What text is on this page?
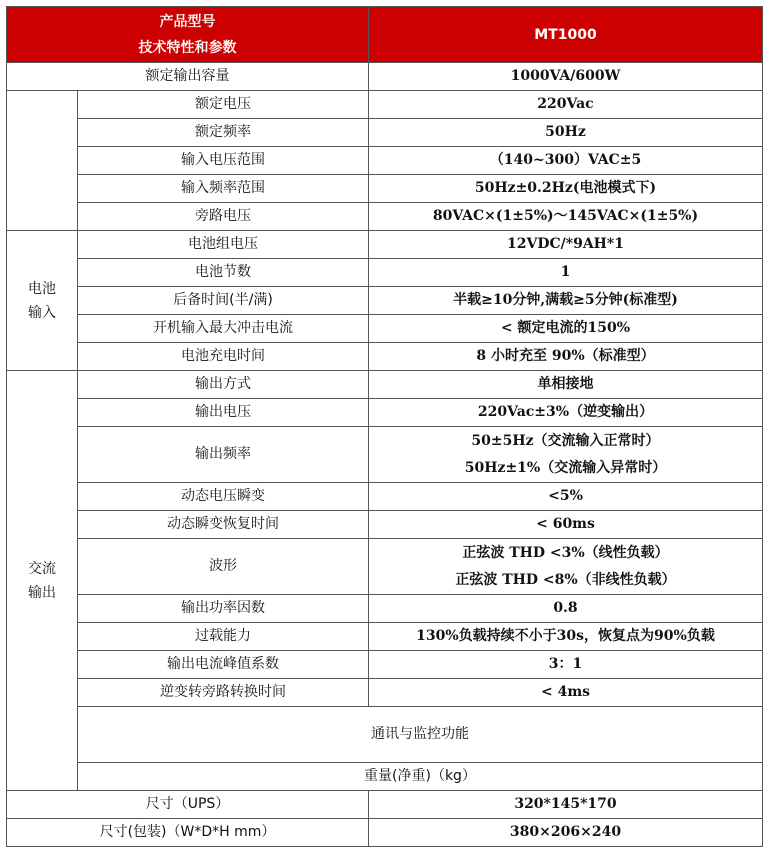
产品型号
技术特性和参数		MT1000	
额定输出容量		1000VA/600W	
	额定电压	220Vac	
	额定频率	50Hz	
	输入电压范围	（140~300）VAC±5	
	输入频率范围	50Hz±0.2Hz(电池模式下)	
	旁路电压	80VAC×(1±5%)～145VAC×(1±5%)	

电池
输入	电池组电压	12VDC/*9AH*1	
	电池节数	1	
	后备时间(半/满)	半载≥10分钟,满载≥5分钟(标准型)	
	开机输入最大冲击电流	< 额定电流的150%	
	电池充电时间	8 小时充至 90%（标准型）	

交流
输出	输出方式	单相接地	
	输出电压	220Vac±3%（逆变输出）	
	输出频率	50±5Hz（交流输入正常时）
50Hz±1%（交流输入异常时）	

	动态电压瞬变	<5%	
	动态瞬变恢复时间	< 60ms	
	波形	正弦波 THD <3%（线性负载）
正弦波 THD <8%（非线性负载）	

	输出功率因数	0.8	
	过载能力	130%负载持续不小于30s，恢复点为90%负载	
	输出电流峰值系数	3：1	
	逆变转旁路转换时间	< 4ms	
	通讯与监控功能	

	重量(净重)（kg）	
尺寸（UPS）		320*145*170	
尺寸(包装)（W*D*H mm）		380×206×240	
